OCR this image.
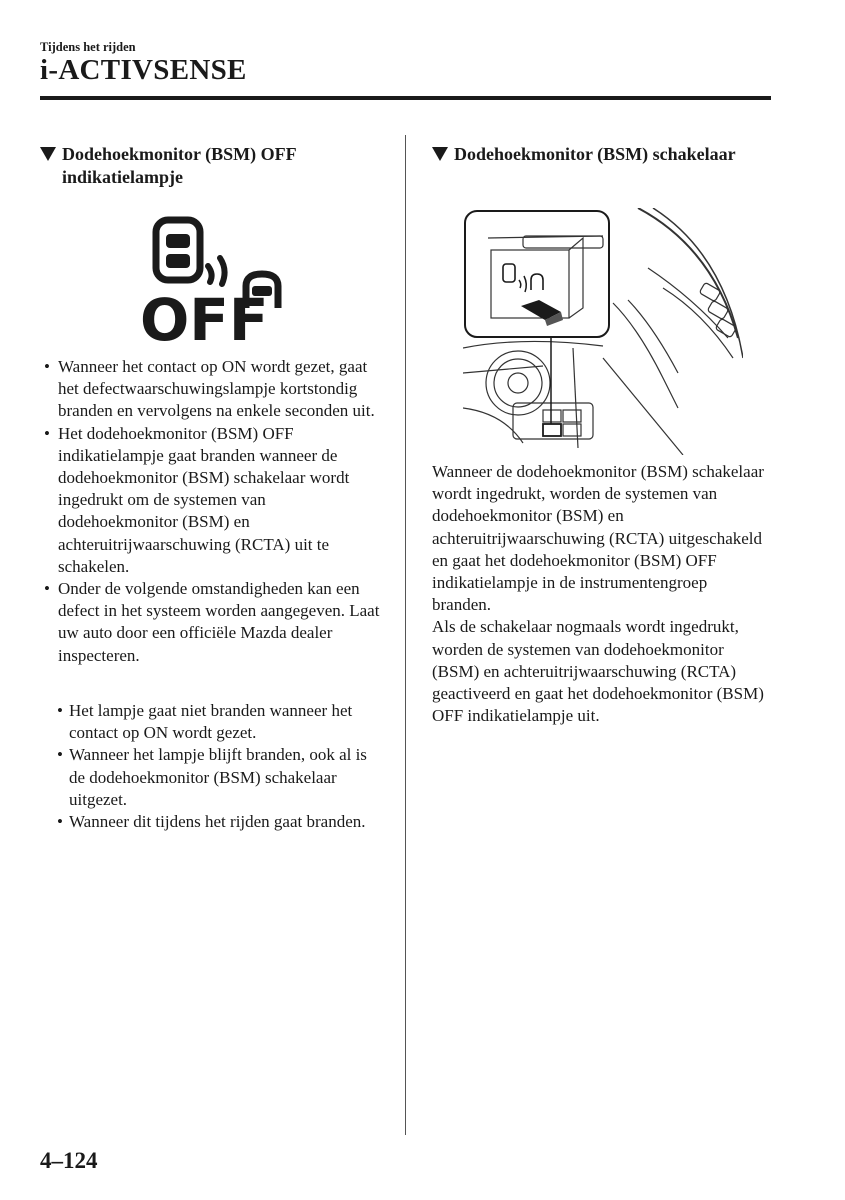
Tijdens het rijden
i-ACTIVSENSE
Dodehoekmonitor (BSM) OFF indikatielampje
OFF
• Wanneer het contact op ON wordt gezet, gaat het defectwaarschuwingslampje kortstondig branden en vervolgens na enkele seconden uit.
• Het dodehoekmonitor (BSM) OFF indikatielampje gaat branden wanneer de dodehoekmonitor (BSM) schakelaar wordt ingedrukt om de systemen van dodehoekmonitor (BSM) en achteruitrijwaarschuwing (RCTA) uit te schakelen.
• Onder de volgende omstandigheden kan een defect in het systeem worden aangegeven. Laat uw auto door een officiële Mazda dealer inspecteren.
• Het lampje gaat niet branden wanneer het contact op ON wordt gezet.
• Wanneer het lampje blijft branden, ook al is de dodehoekmonitor (BSM) schakelaar uitgezet.
• Wanneer dit tijdens het rijden gaat branden.
Dodehoekmonitor (BSM) schakelaar

Wanneer de dodehoekmonitor (BSM) schakelaar wordt ingedrukt, worden de systemen van dodehoekmonitor (BSM) en achteruitrijwaarschuwing (RCTA) uitgeschakeld en gaat het dodehoekmonitor (BSM) OFF indikatielampje in de instrumentengroep branden.

Als de schakelaar nogmaals wordt ingedrukt, worden de systemen van dodehoekmonitor (BSM) en achteruitrijwaarschuwing (RCTA) geactiveerd en gaat het dodehoekmonitor (BSM) OFF indikatielampje uit.

4–124
